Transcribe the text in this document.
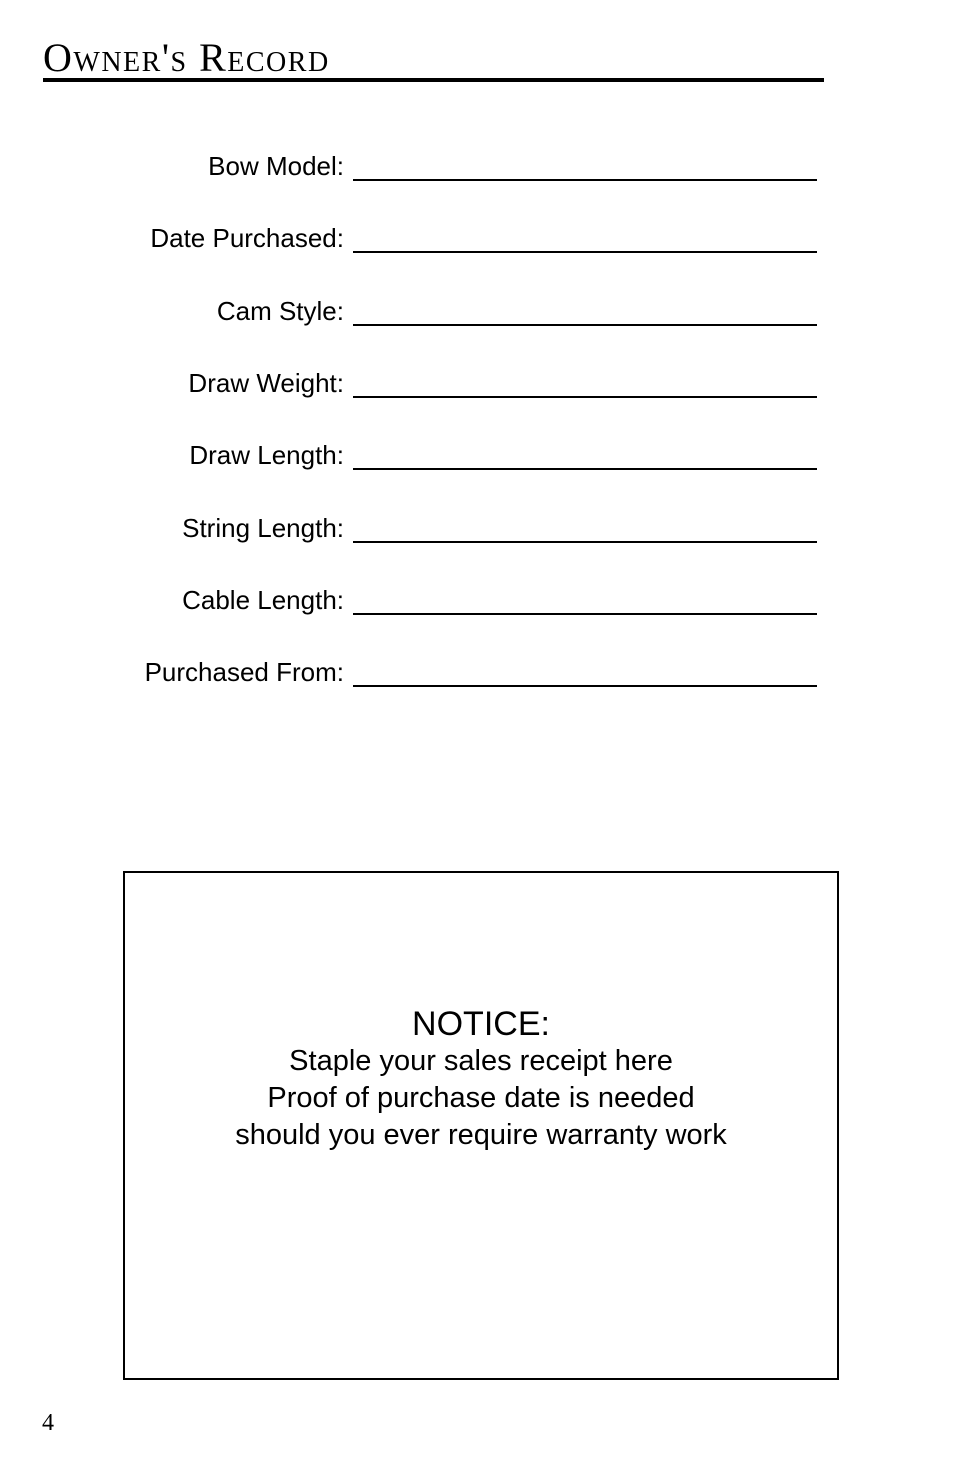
Owner's Record
Bow Model:
Date Purchased:
Cam Style:
Draw Weight:
Draw Length:
String Length:
Cable Length:
Purchased From:
NOTICE:
Staple your sales receipt here
Proof of purchase date is needed
should you ever require warranty work
4
